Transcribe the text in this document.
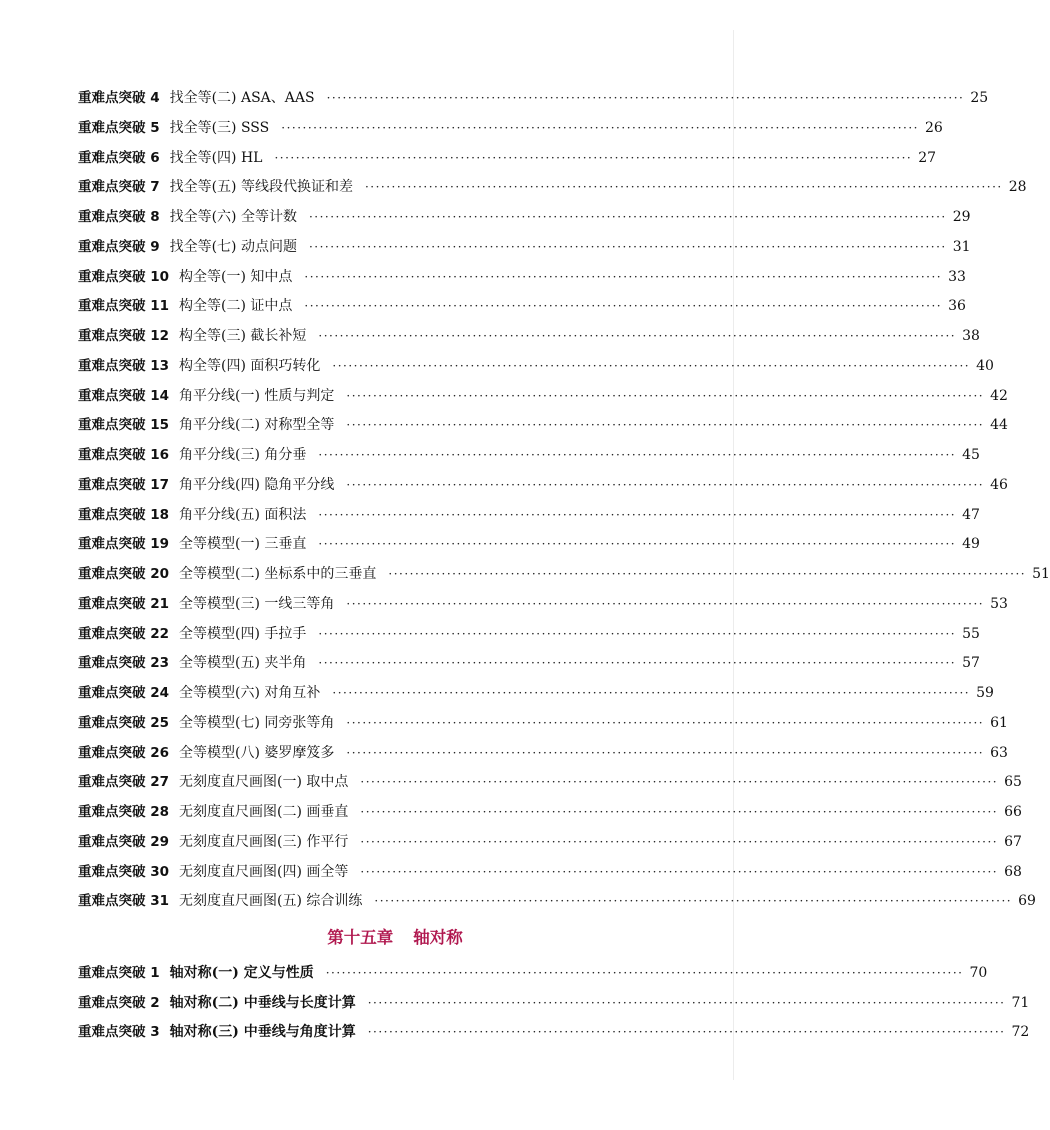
重难点突破 4 找全等(二) ASA、AAS ························································································································ 25
重难点突破 5 找全等(三) SSS ························································································································ 26
重难点突破 6 找全等(四) HL ························································································································ 27
重难点突破 7 找全等(五) 等线段代换证和差 ························································································································ 28
重难点突破 8 找全等(六) 全等计数 ························································································································ 29
重难点突破 9 找全等(七) 动点问题 ························································································································ 31
重难点突破 10 构全等(一) 知中点 ························································································································ 33
重难点突破 11 构全等(二) 证中点 ························································································································ 36
重难点突破 12 构全等(三) 截长补短 ························································································································ 38
重难点突破 13 构全等(四) 面积巧转化 ························································································································ 40
重难点突破 14 角平分线(一) 性质与判定 ························································································································ 42
重难点突破 15 角平分线(二) 对称型全等 ························································································································ 44
重难点突破 16 角平分线(三) 角分垂 ························································································································ 45
重难点突破 17 角平分线(四) 隐角平分线 ························································································································ 46
重难点突破 18 角平分线(五) 面积法 ························································································································ 47
重难点突破 19 全等模型(一) 三垂直 ························································································································ 49
重难点突破 20 全等模型(二) 坐标系中的三垂直 ························································································································ 51
重难点突破 21 全等模型(三) 一线三等角 ························································································································ 53
重难点突破 22 全等模型(四) 手拉手 ························································································································ 55
重难点突破 23 全等模型(五) 夹半角 ························································································································ 57
重难点突破 24 全等模型(六) 对角互补 ························································································································ 59
重难点突破 25 全等模型(七) 同旁张等角 ························································································································ 61
重难点突破 26 全等模型(八) 婆罗摩笈多 ························································································································ 63
重难点突破 27 无刻度直尺画图(一) 取中点 ························································································································ 65
重难点突破 28 无刻度直尺画图(二) 画垂直 ························································································································ 66
重难点突破 29 无刻度直尺画图(三) 作平行 ························································································································ 67
重难点突破 30 无刻度直尺画图(四) 画全等 ························································································································ 68
重难点突破 31 无刻度直尺画图(五) 综合训练 ························································································································ 69
第十五章 轴对称
重难点突破 1 轴对称(一) 定义与性质 ························································································································ 70
重难点突破 2 轴对称(二) 中垂线与长度计算 ························································································································ 71
重难点突破 3 轴对称(三) 中垂线与角度计算 ························································································································ 72
